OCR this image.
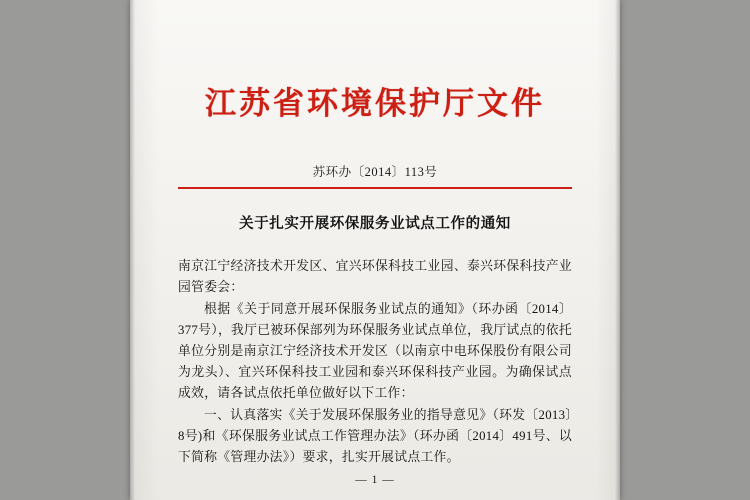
江苏省环境保护厅文件
苏环办〔2014〕113号
关于扎实开展环保服务业试点工作的通知

南京江宁经济技术开发区、宜兴环保科技工业园、泰兴环保科技产业园管委会：

根据《关于同意开展环保服务业试点的通知》（环办函〔2014〕377号），我厅已被环保部列为环保服务业试点单位，我厅试点的依托单位分别是南京江宁经济技术开发区（以南京中电环保股份有限公司为龙头）、宜兴环保科技工业园和泰兴环保科技产业园。为确保试点成效，请各试点依托单位做好以下工作：

一、认真落实《关于发展环保服务业的指导意见》（环发〔2013〕8号)和《环保服务业试点工作管理办法》（环办函〔2014〕491号、以下简称《管理办法》）要求，扎实开展试点工作。

— 1 —
